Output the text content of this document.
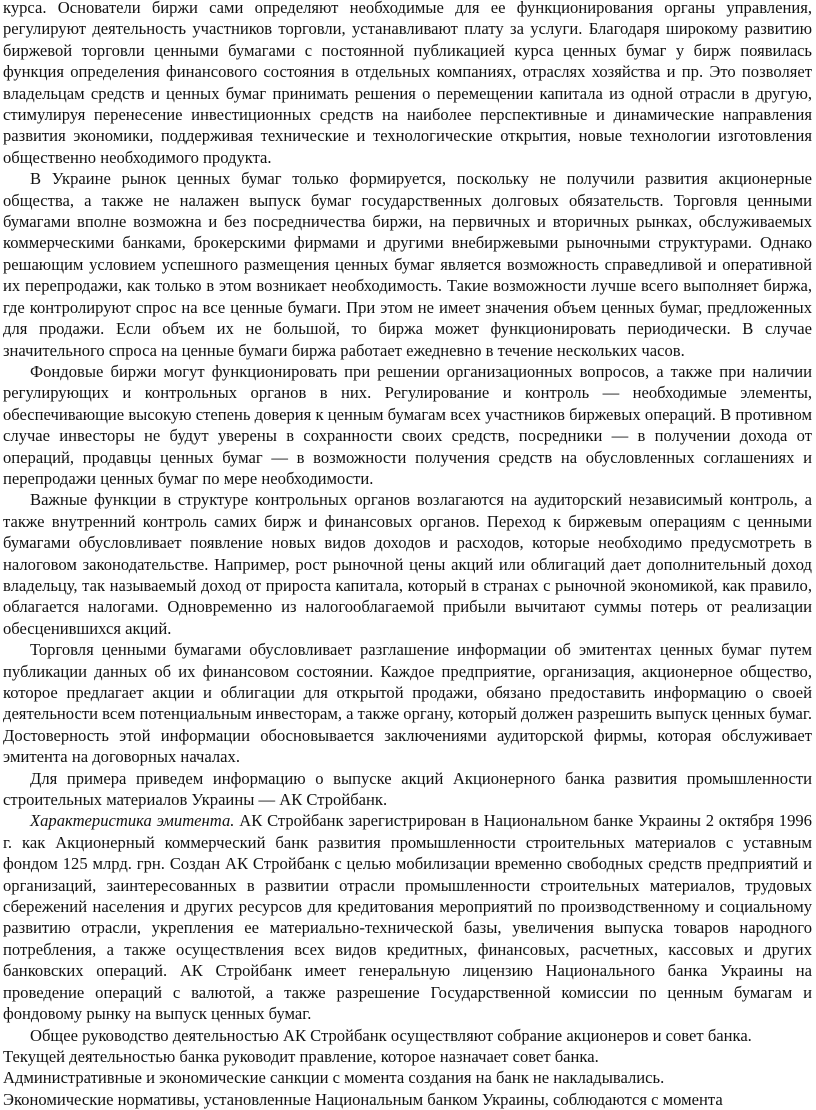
курса. Основатели биржи сами определяют необходимые для ее функционирования органы управления, регулируют деятельность участников торговли, устанавливают плату за услуги. Благодаря широкому развитию биржевой торговли ценными бумагами с постоянной публикацией курса ценных бумаг у бирж появилась функция определения финансового состояния в отдельных компаниях, отраслях хозяйства и пр. Это позволяет владельцам средств и ценных бумаг принимать решения о перемещении капитала из одной отрасли в другую, стимулируя перенесение инвестиционных средств на наиболее перспективные и динамические направления развития экономики, поддерживая технические и технологические открытия, новые технологии изготовления общественно необходимого продукта.

В Украине рынок ценных бумаг только формируется, поскольку не получили развития акционерные общества, а также не налажен выпуск бумаг государственных долговых обязательств. Торговля ценными бумагами вполне возможна и без посредничества биржи, на первичных и вторичных рынках, обслуживаемых коммерческими банками, брокерскими фирмами и другими внебиржевыми рыночными структурами. Однако решающим условием успешного размещения ценных бумаг является возможность справедливой и оперативной их перепродажи, как только в этом возникает необходимость. Такие возможности лучше всего выполняет биржа, где контролируют спрос на все ценные бумаги. При этом не имеет значения объем ценных бумаг, предложенных для продажи. Если объем их не большой, то биржа может функционировать периодически. В случае значительного спроса на ценные бумаги биржа работает ежедневно в течение нескольких часов.

Фондовые биржи могут функционировать при решении организационных вопросов, а также при наличии регулирующих и контрольных органов в них. Регулирование и контроль — необходимые элементы, обеспечивающие высокую степень доверия к ценным бумагам всех участников биржевых операций. В противном случае инвесторы не будут уверены в сохранности своих средств, посредники — в получении дохода от операций, продавцы ценных бумаг — в возможности получения средств на обусловленных соглашениях и перепродажи ценных бумаг по мере необходимости.

Важные функции в структуре контрольных органов возлагаются на аудиторский независимый контроль, а также внутренний контроль самих бирж и финансовых органов. Переход к биржевым операциям с ценными бумагами обусловливает появление новых видов доходов и расходов, которые необходимо предусмотреть в налоговом законодательстве. Например, рост рыночной цены акций или облигаций дает дополнительный доход владельцу, так называемый доход от прироста капитала, который в странах с рыночной экономикой, как правило, облагается налогами. Одновременно из налогооблагаемой прибыли вычитают суммы потерь от реализации обесценившихся акций.

Торговля ценными бумагами обусловливает разглашение информации об эмитентах ценных бумаг путем публикации данных об их финансовом состоянии. Каждое предприятие, организация, акционерное общество, которое предлагает акции и облигации для открытой продажи, обязано предоставить информацию о своей деятельности всем потенциальным инвесторам, а также органу, который должен разрешить выпуск ценных бумаг. Достоверность этой информации обосновывается заключениями аудиторской фирмы, которая обслуживает эмитента на договорных началах.

Для примера приведем информацию о выпуске акций Акционерного банка развития промышленности строительных материалов Украины — АК Стройбанк.

Характеристика эмитента. АК Стройбанк зарегистрирован в Национальном банке Украины 2 октября 1996 г. как Акционерный коммерческий банк развития промышленности строительных материалов с уставным фондом 125 млрд. грн. Создан АК Стройбанк с целью мобилизации временно свободных средств предприятий и организаций, заинтересованных в развитии отрасли промышленности строительных материалов, трудовых сбережений населения и других ресурсов для кредитования мероприятий по производственному и социальному развитию отрасли, укрепления ее материально-технической базы, увеличения выпуска товаров народного потребления, а также осуществления всех видов кредитных, финансовых, расчетных, кассовых и других банковских операций. АК Стройбанк имеет генеральную лицензию Национального банка Украины на проведение операций с валютой, а также разрешение Государственной комиссии по ценным бумагам и фондовому рынку на выпуск ценных бумаг.

Общее руководство деятельностью АК Стройбанк осуществляют собрание акционеров и совет банка.

Текущей деятельностью банка руководит правление, которое назначает совет банка.

Административные и экономические санкции с момента создания на банк не накладывались.

Экономические нормативы, установленные Национальным банком Украины, соблюдаются с момента
